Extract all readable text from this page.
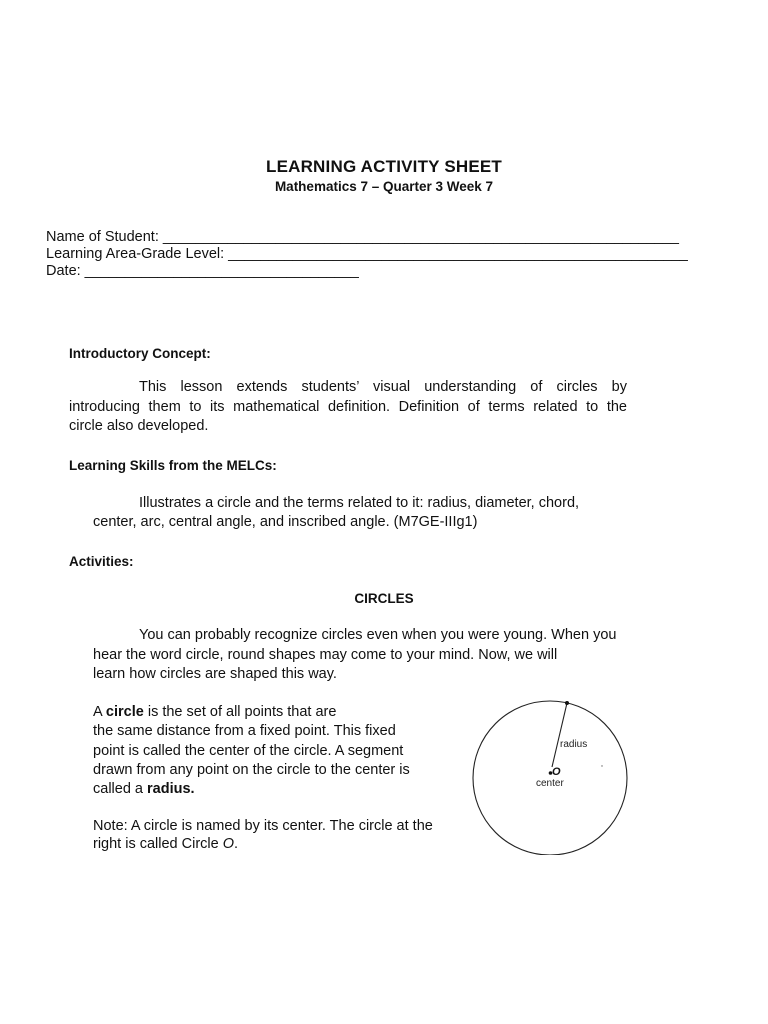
LEARNING ACTIVITY SHEET
Mathematics 7 – Quarter 3 Week 7
Name of Student: ________________________________________________________________
Learning Area-Grade Level: _________________________________________________________
Date: __________________________________
Introductory Concept:
This lesson extends students’ visual understanding of circles by
introducing them to its mathematical definition. Definition of terms related to the
circle also developed.
Learning Skills from the MELCs:
Illustrates a circle and the terms related to it: radius, diameter, chord,
center, arc, central angle, and inscribed angle. (M7GE-IIIg1)
Activities:
CIRCLES
You can probably recognize circles even when you were young. When you
hear the word circle, round shapes may come to your mind. Now, we will
learn how circles are shaped this way.
A circle is the set of all points that are
the same distance from a fixed point. This fixed
point is called the center of the circle. A segment
drawn from any point on the circle to the center is
called a radius.
Note: A circle is named by its center. The circle at the
right is called Circle O.
radius
O
center
